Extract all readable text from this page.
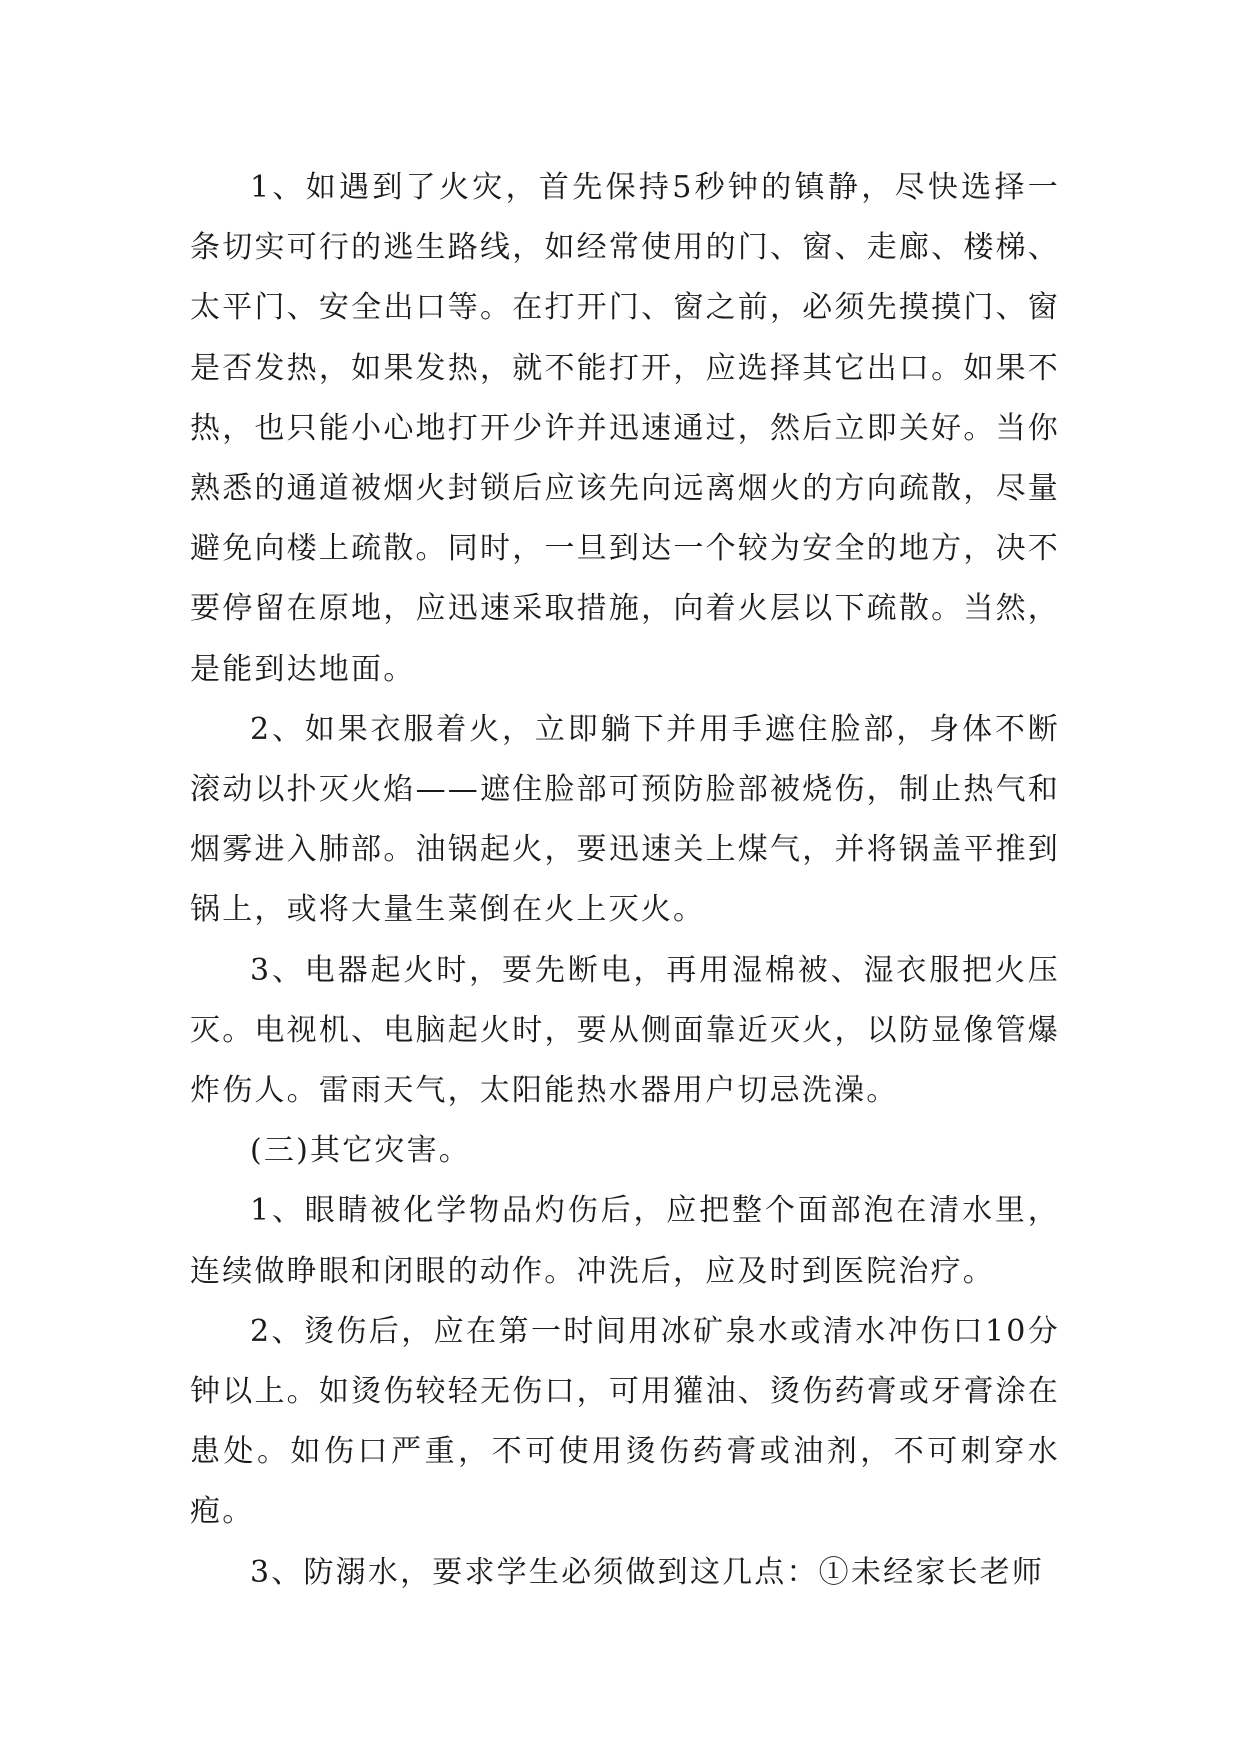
1、如遇到了火灾，首先保持5秒钟的镇静，尽快选择一条切实可行的逃生路线，如经常使用的门、窗、走廊、楼梯、太平门、安全出口等。在打开门、窗之前，必须先摸摸门、窗是否发热，如果发热，就不能打开，应选择其它出口。如果不热，也只能小心地打开少许并迅速通过，然后立即关好。当你熟悉的通道被烟火封锁后应该先向远离烟火的方向疏散，尽量避免向楼上疏散。同时，一旦到达一个较为安全的地方，决不要停留在原地，应迅速采取措施，向着火层以下疏散。当然，是能到达地面。

2、如果衣服着火，立即躺下并用手遮住脸部，身体不断滚动以扑灭火焰——遮住脸部可预防脸部被烧伤，制止热气和烟雾进入肺部。油锅起火，要迅速关上煤气，并将锅盖平推到锅上，或将大量生菜倒在火上灭火。

3、电器起火时，要先断电，再用湿棉被、湿衣服把火压灭。电视机、电脑起火时，要从侧面靠近灭火，以防显像管爆炸伤人。雷雨天气，太阳能热水器用户切忌洗澡。

(三)其它灾害。

1、眼睛被化学物品灼伤后，应把整个面部泡在清水里，连续做睁眼和闭眼的动作。冲洗后，应及时到医院治疗。

2、烫伤后，应在第一时间用冰矿泉水或清水冲伤口10分钟以上。如烫伤较轻无伤口，可用獾油、烫伤药膏或牙膏涂在患处。如伤口严重，不可使用烫伤药膏或油剂，不可刺穿水疱。

3、防溺水，要求学生必须做到这几点：①未经家长老师
